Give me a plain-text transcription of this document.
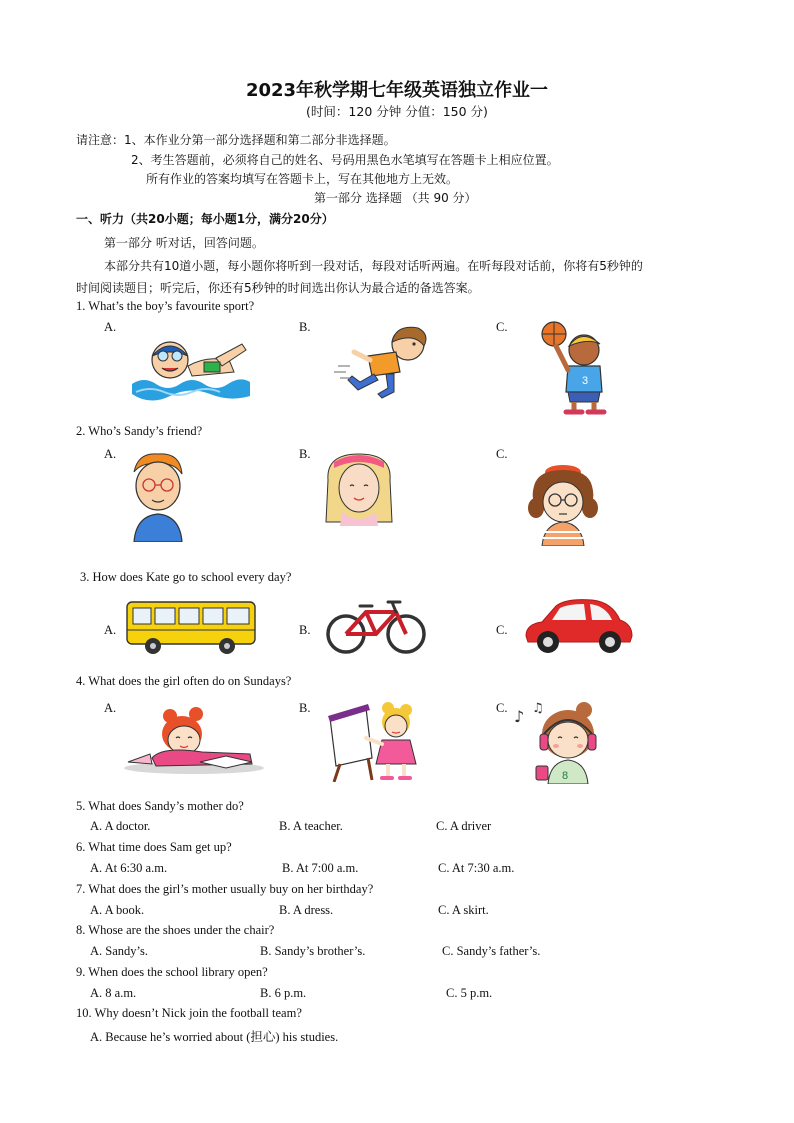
2023年秋学期七年级英语独立作业一
(时间：120 分钟 分值：150 分)
请注意：1、本作业分第一部分选择题和第二部分非选择题。
2、考生答题前，必须将自己的姓名、号码用黑色水笔填写在答题卡上相应位置。
所有作业的答案均填写在答题卡上，写在其他地方上无效。
第一部分 选择题 （共 90 分）
一、听力（共20小题；每小题1分，满分20分）
第一部分 听对话，回答问题。
本部分共有10道小题，每小题你将听到一段对话，每段对话听两遍。在听每段对话前，你将有5秒钟的
时间阅读题目；听完后，你还有5秒钟的时间选出你认为最合适的备选答案。
1. What’s the boy’s favourite sport?
A.	B.	C.
3
2. Who’s Sandy’s friend?
A.	B.	C.
3. How does Kate go to school every day?
A.	B.	C.
4. What does the girl often do on Sundays?
A.	B.	C. ♪ ♫
8
5. What does Sandy’s mother do?
A. A doctor.	B. A teacher.	C. A driver
6. What time does Sam get up?
A. At 6:30 a.m.	B. At 7:00 a.m.	C. At 7:30 a.m.
7. What does the girl’s mother usually buy on her birthday?
A. A book.	B. A dress.	C. A skirt.
8. Whose are the shoes under the chair?
A. Sandy’s.	B. Sandy’s brother’s.	C. Sandy’s father’s.
9. When does the school library open?
A. 8 a.m.	B. 6 p.m.	C. 5 p.m.
10. Why doesn’t Nick join the football team?
A. Because he’s worried about (担心) his studies.
